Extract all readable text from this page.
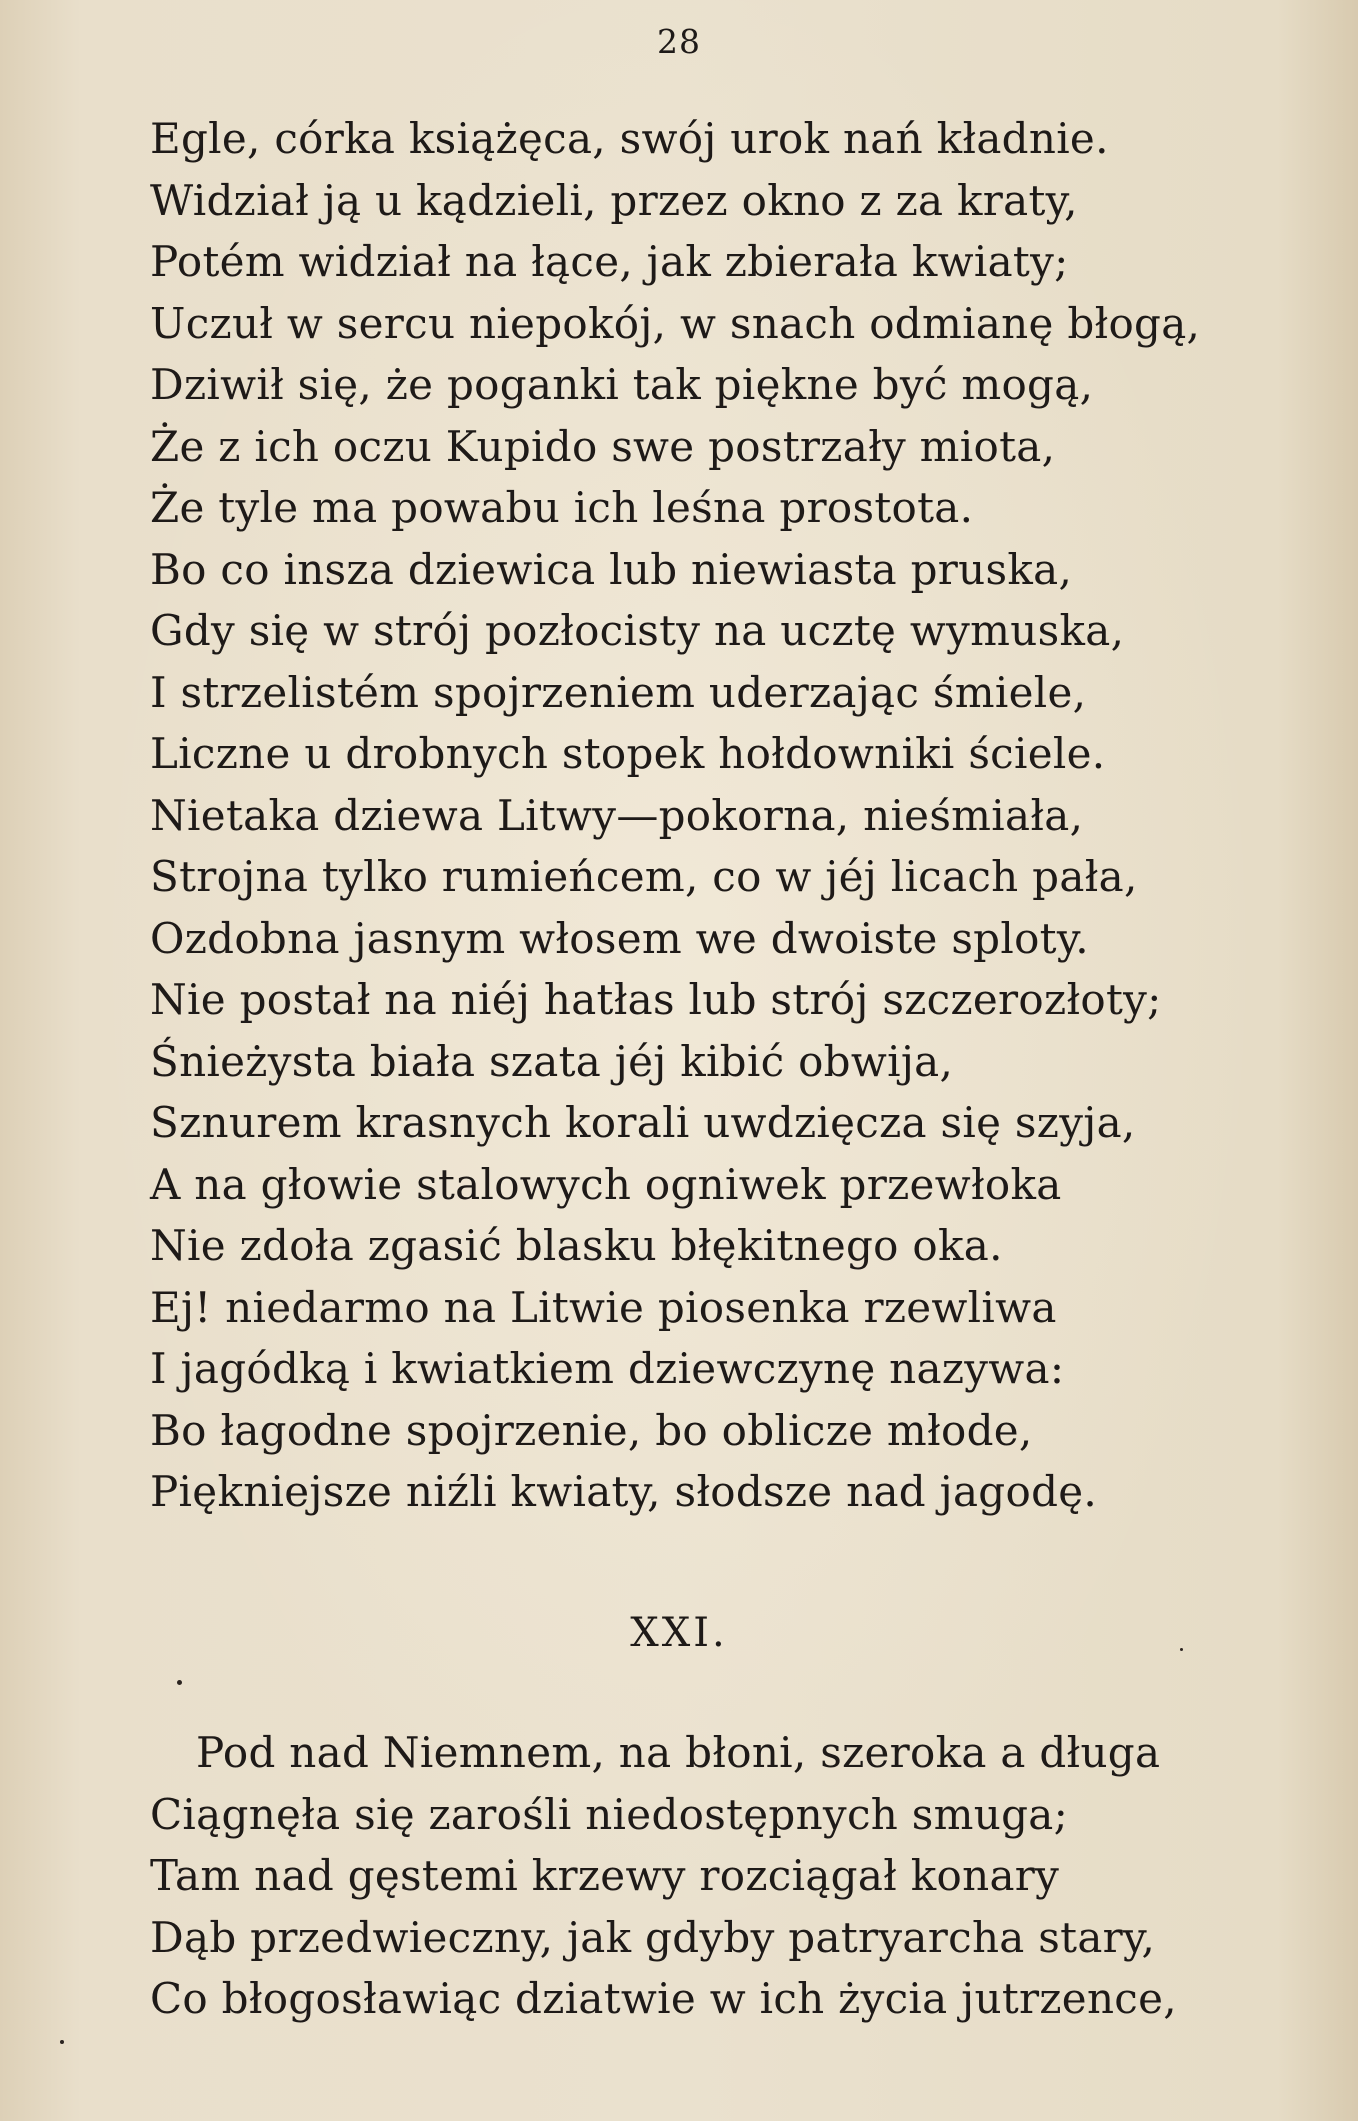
28
Egle, córka książęca, swój urok nań kładnie.
Widział ją u kądzieli, przez okno z za kraty,
Potém widział na łące, jak zbierała kwiaty;
Uczuł w sercu niepokój, w snach odmianę błogą,
Dziwił się, że poganki tak piękne być mogą,
Że z ich oczu Kupido swe postrzały miota,
Że tyle ma powabu ich leśna prostota.
Bo co insza dziewica lub niewiasta pruska,
Gdy się w strój pozłocisty na ucztę wymuska,
I strzelistém spojrzeniem uderzając śmiele,
Liczne u drobnych stopek hołdowniki ściele.
Nietaka dziewa Litwy—pokorna, nieśmiała,
Strojna tylko rumieńcem, co w jéj licach pała,
Ozdobna jasnym włosem we dwoiste sploty.
Nie postał na niéj hatłas lub strój szczerozłoty;
Śnieżysta biała szata jéj kibić obwija,
Sznurem krasnych korali uwdzięcza się szyja,
A na głowie stalowych ogniwek przewłoka
Nie zdoła zgasić blasku błękitnego oka.
Ej! niedarmo na Litwie piosenka rzewliwa
I jagódką i kwiatkiem dziewczynę nazywa:
Bo łagodne spojrzenie, bo oblicze młode,
Piękniejsze niźli kwiaty, słodsze nad jagodę.
XXI.
Pod nad Niemnem, na błoni, szeroka a długa
Ciągnęła się zarośli niedostępnych smuga;
Tam nad gęstemi krzewy rozciągał konary
Dąb przedwieczny, jak gdyby patryarcha stary,
Co błogosławiąc dziatwie w ich życia jutrzence,
